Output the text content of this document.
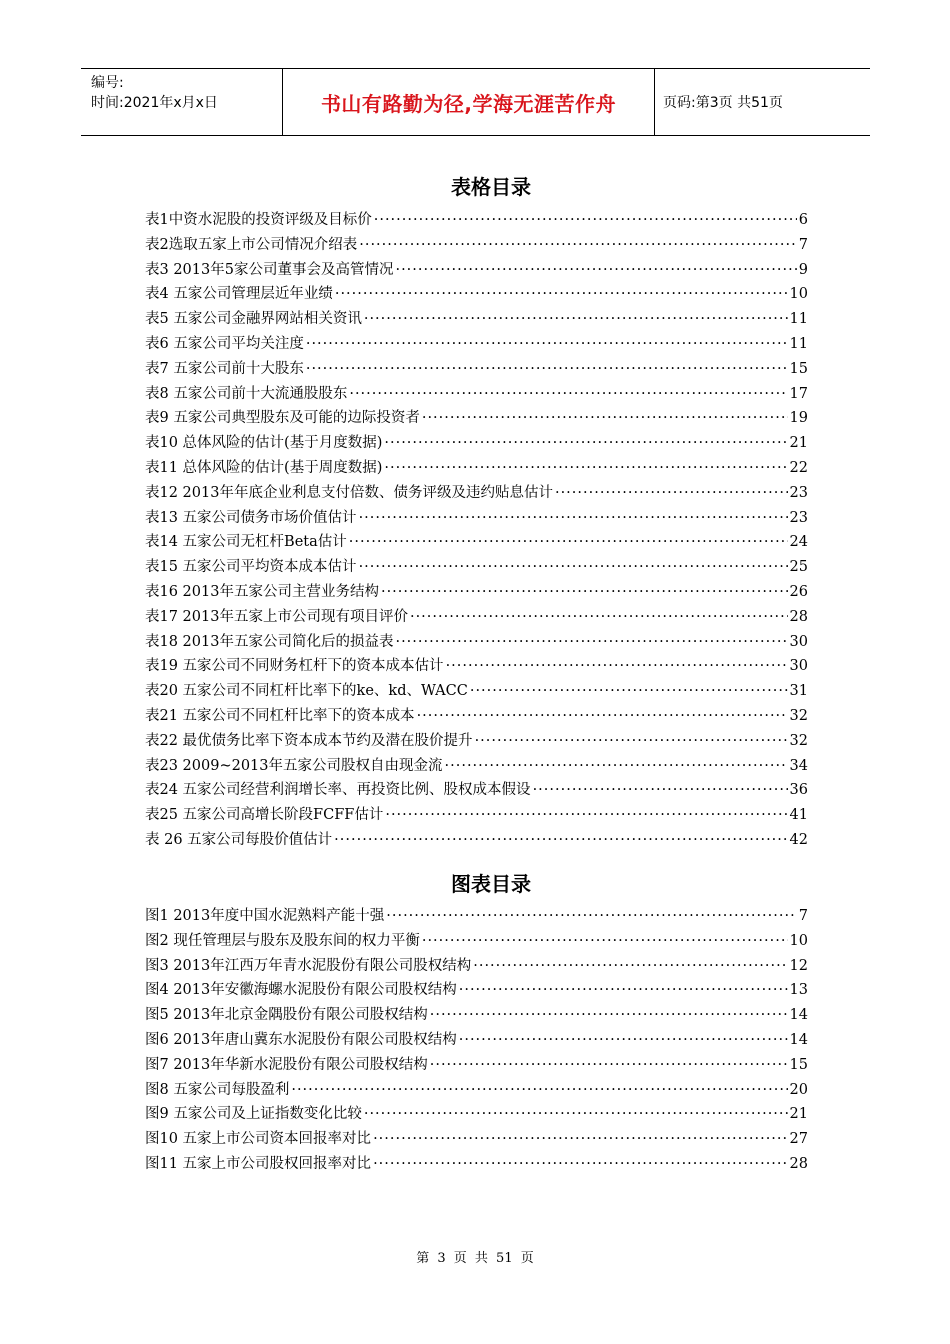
编号:
时间:2021年x月x日	书山有路勤为径,学海无涯苦作舟	页码:第3页 共51页
表格目录
表1中资水泥股的投资评级及目标价 ·····	6
表2选取五家上市公司情况介绍表 ·····	7
表3 2013年5家公司董事会及高管情况 ·····	9
表4 五家公司管理层近年业绩 ·····	10
表5 五家公司金融界网站相关资讯 ·····	11
表6 五家公司平均关注度 ·····	11
表7 五家公司前十大股东 ·····	15
表8 五家公司前十大流通股股东 ·····	17
表9 五家公司典型股东及可能的边际投资者 ·····	19
表10 总体风险的估计(基于月度数据) ·····	21
表11 总体风险的估计(基于周度数据) ·····	22
表12 2013年年底企业利息支付倍数、债务评级及违约贴息估计 ·····	23
表13 五家公司债务市场价值估计 ·····	23
表14 五家公司无杠杆Beta估计 ·····	24
表15 五家公司平均资本成本估计 ·····	25
表16 2013年五家公司主营业务结构 ·····	26
表17 2013年五家上市公司现有项目评价 ·····	28
表18 2013年五家公司简化后的损益表 ·····	30
表19 五家公司不同财务杠杆下的资本成本估计 ·····	30
表20 五家公司不同杠杆比率下的ke、kd、WACC ·····	31
表21 五家公司不同杠杆比率下的资本成本 ·····	32
表22 最优债务比率下资本成本节约及潜在股价提升 ·····	32
表23 2009~2013年五家公司股权自由现金流 ·····	34
表24 五家公司经营利润增长率、再投资比例、股权成本假设 ·····	36
表25 五家公司高增长阶段FCFF估计 ·····	41
表 26 五家公司每股价值估计 ·····	42
图表目录
图1 2013年度中国水泥熟料产能十强 ·····	7
图2 现任管理层与股东及股东间的权力平衡 ·····	10
图3 2013年江西万年青水泥股份有限公司股权结构 ·····	12
图4 2013年安徽海螺水泥股份有限公司股权结构 ·····	13
图5 2013年北京金隅股份有限公司股权结构 ·····	14
图6 2013年唐山冀东水泥股份有限公司股权结构 ·····	14
图7 2013年华新水泥股份有限公司股权结构 ·····	15
图8 五家公司每股盈利 ·····	20
图9 五家公司及上证指数变化比较 ·····	21
图10 五家上市公司资本回报率对比 ·····	27
图11 五家上市公司股权回报率对比 ·····	28
第 3 页 共 51 页
